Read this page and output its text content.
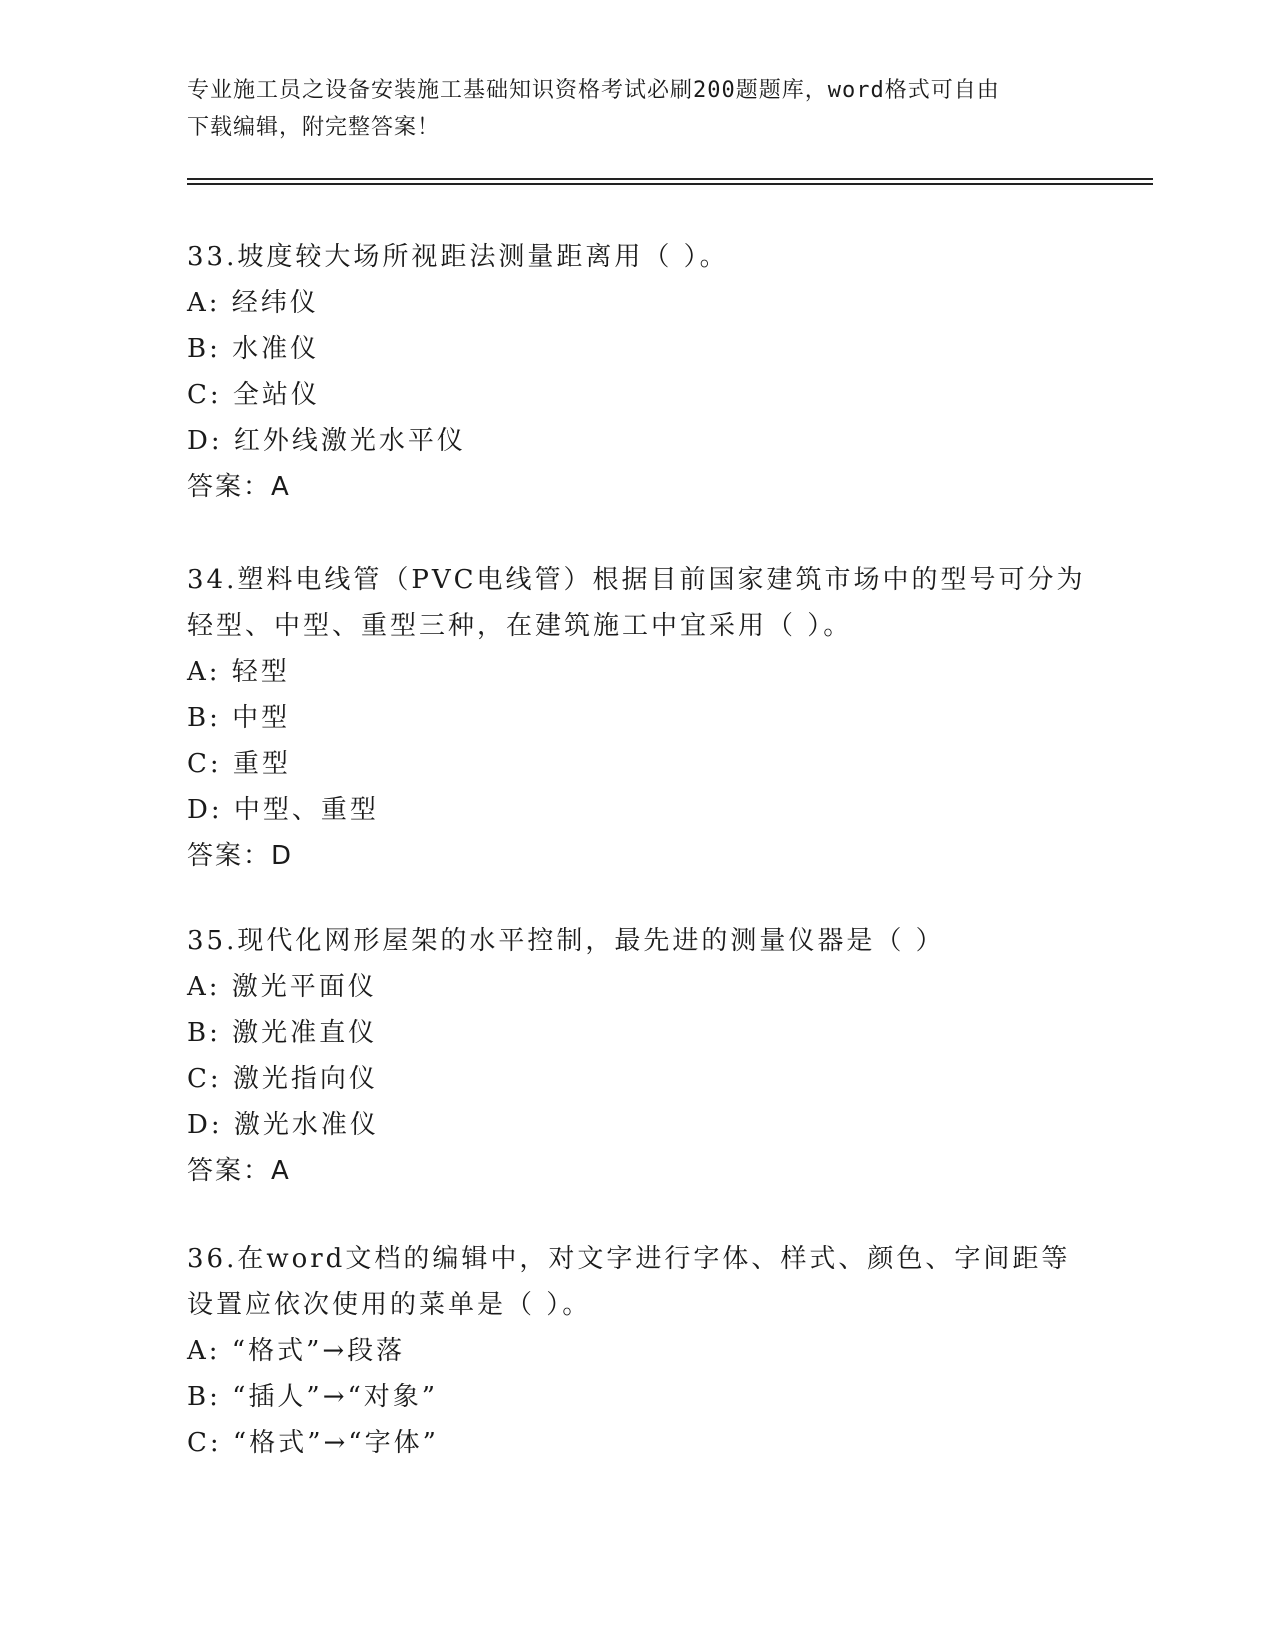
专业施工员之设备安装施工基础知识资格考试必刷200题题库，word格式可自由
下载编辑，附完整答案！
33.坡度较大场所视距法测量距离用（ ）。
A: 经纬仪
B: 水准仪
C: 全站仪
D: 红外线激光水平仪
答案：A
34.塑料电线管（PVC电线管）根据目前国家建筑市场中的型号可分为
轻型、中型、重型三种，在建筑施工中宜采用（ ）。
A: 轻型
B: 中型
C: 重型
D: 中型、重型
答案：D
35.现代化网形屋架的水平控制，最先进的测量仪器是（ ）
A: 激光平面仪
B: 激光准直仪
C: 激光指向仪
D: 激光水准仪
答案：A
36.在word文档的编辑中，对文字进行字体、样式、颜色、字间距等
设置应依次使用的菜单是（ ）。
A: “格式”→段落
B: “插人”→“对象”
C: “格式”→“字体”
